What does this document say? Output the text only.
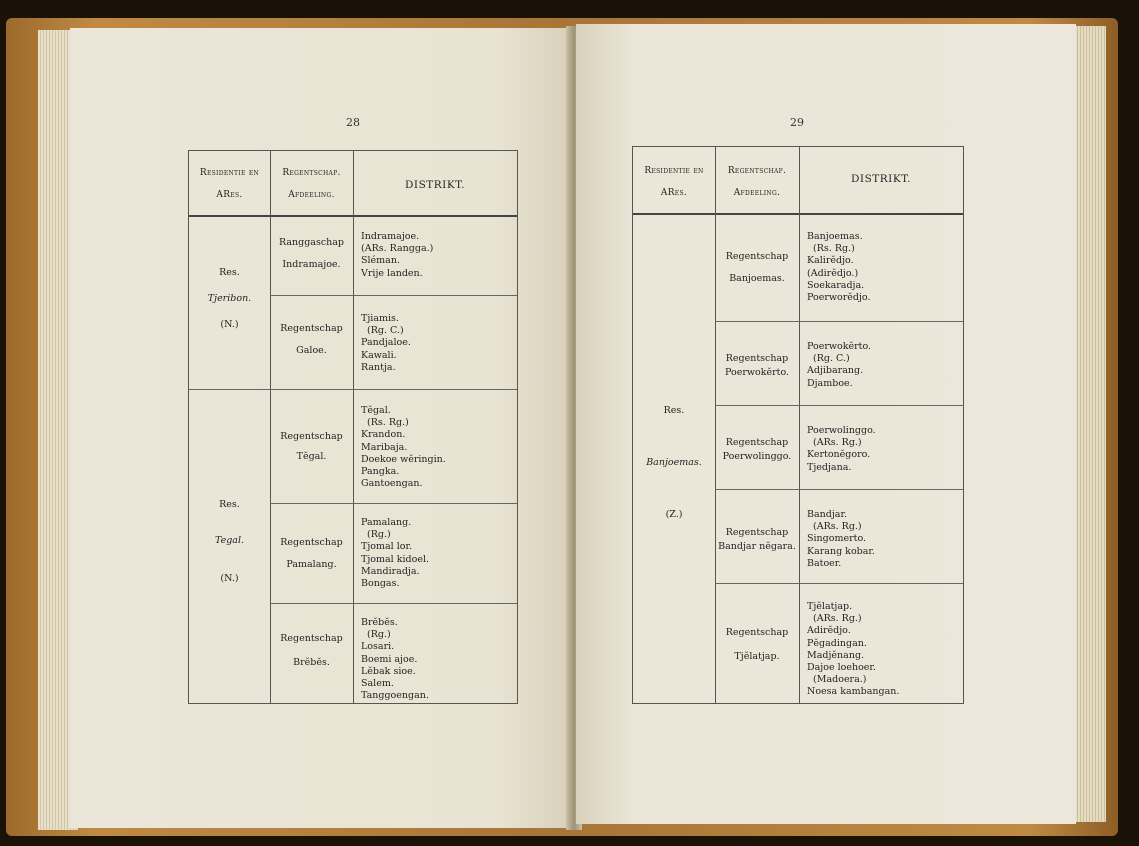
28
Residentie en
ARes.
Regentschap.
Afdeeling.
DISTRIKT.
Res.
Tjeribon.
(N.)
Res.
Tegal.
(N.)
Ranggaschap
Indramajoe.
Indramajoe.
(ARs. Rangga.)
Sléman.
Vrije landen.
Regentschap
Galoe.
Tjiamis.
(Rg. C.)
Pandjaloe.
Kawali.
Rantja.
Regentschap
Tĕgal.
Tĕgal.
(Rs. Rg.)
Krandon.
Maribaja.
Doekoe wĕringin.
Pangka.
Gantoengan.
Regentschap
Pamalang.
Pamalang.
(Rg.)
Tjomal lor.
Tjomal kidoel.
Mandiradja.
Bongas.
Regentschap
Brĕbĕs.
Brĕbĕs.
(Rg.)
Losari.
Boemi ajoe.
Lĕbak sioe.
Salem.
Tanggoengan.
29
Residentie en
ARes.
Regentschap.
Afdeeling.
DISTRIKT.
Res.
Banjoemas.
(Z.)
Regentschap
Banjoemas.
Banjoemas.
(Rs. Rg.)
Kalirĕdjo.
(Adirĕdjo.)
Soekaradja.
Poerworĕdjo.
Regentschap
Poerwokĕrto.
Poerwokĕrto.
(Rg. C.)
Adjibarang.
Djamboe.
Regentschap
Poerwolinggo.
Poerwolinggo.
(ARs. Rg.)
Kertonĕgoro.
Tjedjana.
Regentschap
Bandjar nĕgara.
Bandjar.
(ARs. Rg.)
Singomerto.
Karang kobar.
Batoer.
Regentschap
Tjĕlatjap.
Tjĕlatjap.
(ARs. Rg.)
Adirĕdjo.
Pĕgadingan.
Madjĕnang.
Dajoe loehoer.
(Madoera.)
Noesa kambangan.
